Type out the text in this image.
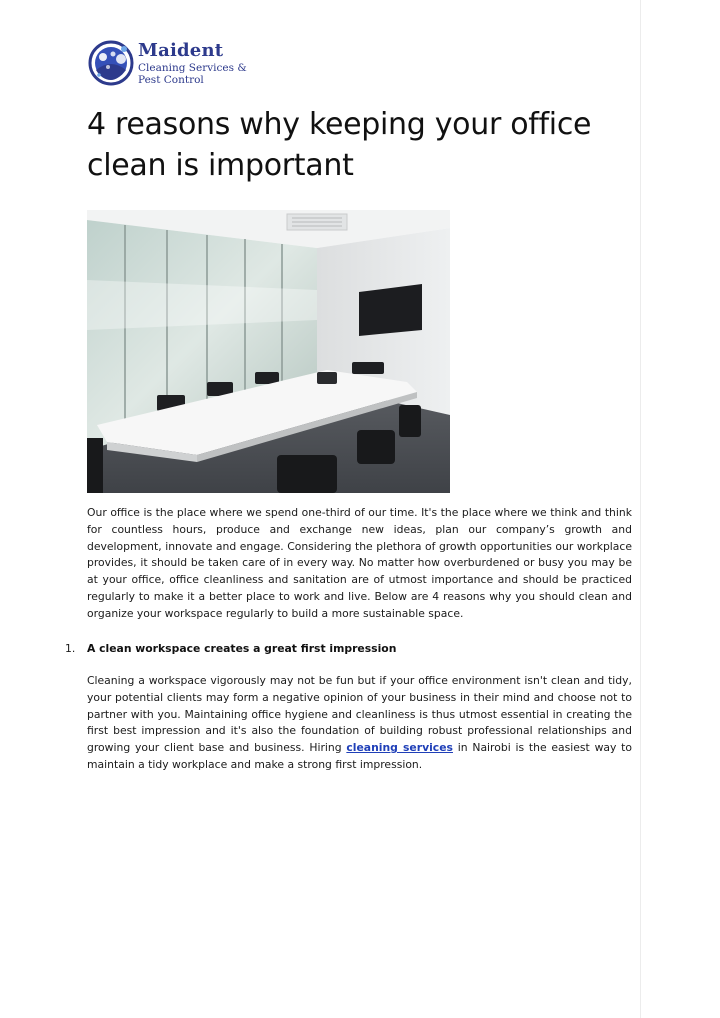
Maident
Cleaning Services &
Pest Control
4 reasons why keeping your office clean is important

Our office is the place where we spend one-third of our time. It's the place where we think and think for countless hours, produce and exchange new ideas, plan our company’s growth and development, innovate and engage. Considering the plethora of growth opportunities our workplace provides, it should be taken care of in every way. No matter how overburdened or busy you may be at your office, office cleanliness and sanitation are of utmost importance and should be practiced regularly to make it a better place to work and live. Below are 4 reasons why you should clean and organize your workspace regularly to build a more sustainable space.

1. A clean workspace creates a great first impression

Cleaning a workspace vigorously may not be fun but if your office environment isn't clean and tidy, your potential clients may form a negative opinion of your business in their mind and choose not to partner with you. Maintaining office hygiene and cleanliness is thus utmost essential in creating the first best impression and it's also the foundation of building robust professional relationships and growing your client base and business. Hiring cleaning services in Nairobi is the easiest way to maintain a tidy workplace and make a strong first impression.
